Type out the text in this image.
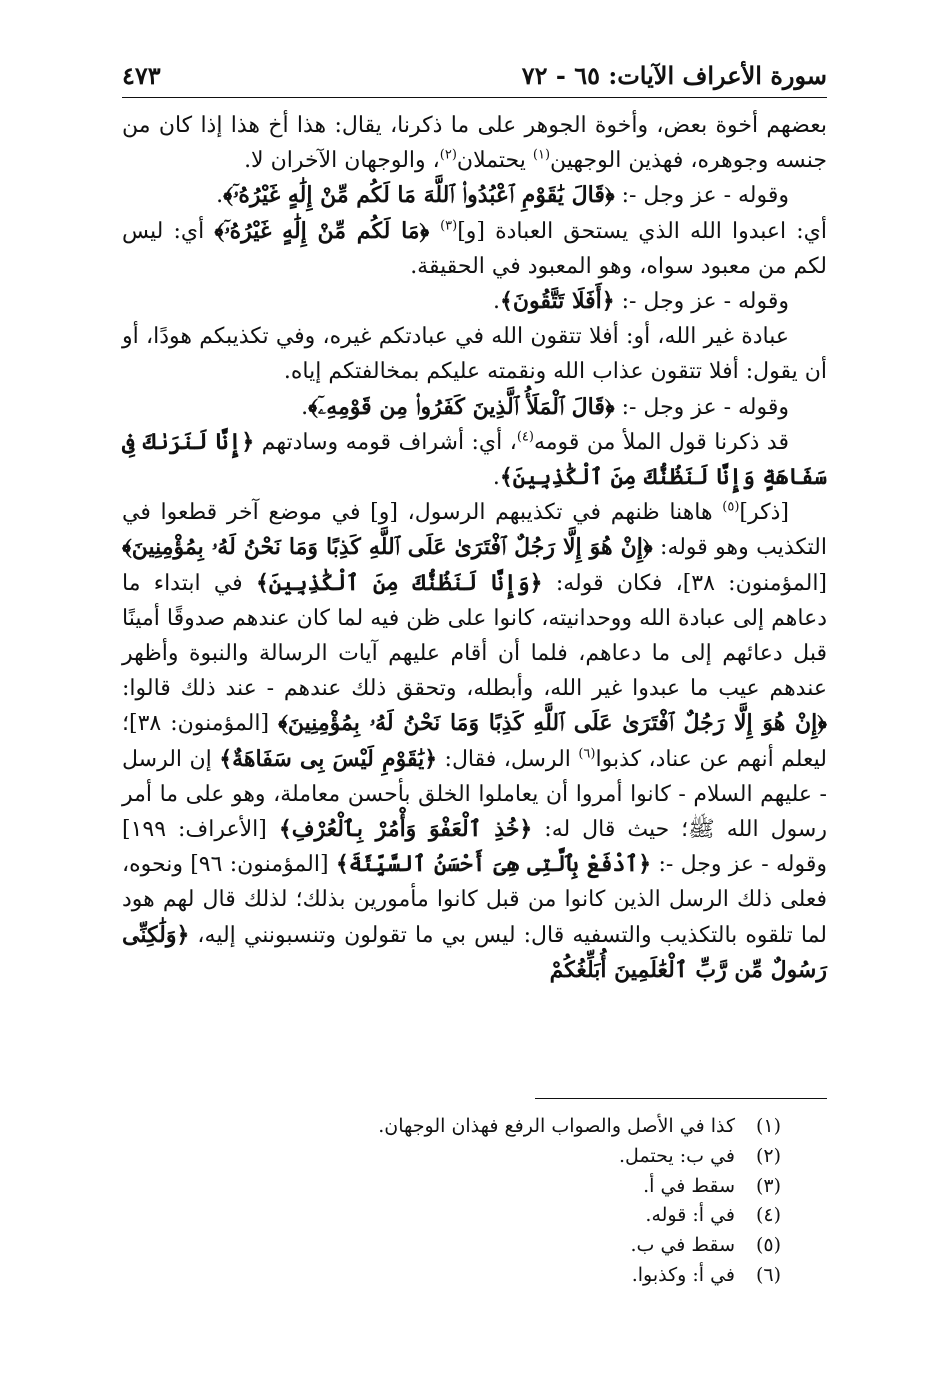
سورة الأعراف الآيات: ٦٥ - ٧٢
٤٧٣

بعضهم أخوة بعض، وأخوة الجوهر على ما ذكرنا، يقال: هذا أخ هذا إذا كان من جنسه وجوهره، فهذين الوجهين$^{(١)}$ يحتملان$^{(٢)}$، والوجهان الآخران لا.

وقوله - عز وجل -: ﴿قَالَ يَٰقَوْمِ ٱعْبُدُوا۟ ٱللَّهَ مَا لَكُم مِّنْ إِلَٰهٍ غَيْرُهُۥٓ﴾.

أي: اعبدوا الله الذي يستحق العبادة [و]$^{(٣)}$ ﴿مَا لَكُم مِّنْ إِلَٰهٍ غَيْرُهُۥٓ﴾ أي: ليس لكم من معبود سواه، وهو المعبود في الحقيقة.

وقوله - عز وجل -: ﴿أَفَلَا تَتَّقُونَ﴾.

عبادة غير الله، أو: أفلا تتقون الله في عبادتكم غيره، وفي تكذيبكم هودًا، أو أن يقول: أفلا تتقون عذاب الله ونقمته عليكم بمخالفتكم إياه.

وقوله - عز وجل -: ﴿قَالَ ٱلْمَلَأُ ٱلَّذِينَ كَفَرُوا۟ مِن قَوْمِهِۦٓ﴾.

قد ذكرنا قول الملأ من قومه$^{(٤)}$، أي: أشراف قومه وسادتهم ﴿إِنَّا لَنَرَىٰكَ فِى سَفَاهَةٍ وَإِنَّا لَنَظُنُّكَ مِنَ ٱلْكَٰذِبِينَ﴾.

[ذكر]$^{(٥)}$ هاهنا ظنهم في تكذيبهم الرسول، [و] في موضع آخر قطعوا في التكذيب وهو قوله: ﴿إِنْ هُوَ إِلَّا رَجُلٌ ٱفْتَرَىٰ عَلَى ٱللَّهِ كَذِبًا وَمَا نَحْنُ لَهُۥ بِمُؤْمِنِينَ﴾ [المؤمنون: ٣٨]، فكان قوله: ﴿وَإِنَّا لَنَظُنُّكَ مِنَ ٱلْكَٰذِبِينَ﴾ في ابتداء ما دعاهم إلى عبادة الله ووحدانيته، كانوا على ظن فيه لما كان عندهم صدوقًا أمينًا قبل دعائهم إلى ما دعاهم، فلما أن أقام عليهم آيات الرسالة والنبوة وأظهر عندهم عيب ما عبدوا غير الله، وأبطله، وتحقق ذلك عندهم - عند ذلك قالوا: ﴿إِنْ هُوَ إِلَّا رَجُلٌ ٱفْتَرَىٰ عَلَى ٱللَّهِ كَذِبًا وَمَا نَحْنُ لَهُۥ بِمُؤْمِنِينَ﴾ [المؤمنون: ٣٨]؛ ليعلم أنهم عن عناد، كذبوا$^{(٦)}$ الرسل، فقال: ﴿يَٰقَوْمِ لَيْسَ بِى سَفَاهَةٌ﴾ إن الرسل - عليهم السلام - كانوا أمروا أن يعاملوا الخلق بأحسن معاملة، وهو على ما أمر رسول الله ﷺ؛ حيث قال له: ﴿خُذِ ٱلْعَفْوَ وَأْمُرْ بِٱلْعُرْفِ﴾ [الأعراف: ١٩٩] وقوله - عز وجل -: ﴿ٱدْفَعْ بِٱلَّتِى هِىَ أَحْسَنُ ٱلسَّيِّئَةَ﴾ [المؤمنون: ٩٦] ونحوه، فعلى ذلك الرسل الذين كانوا من قبل كانوا مأمورين بذلك؛ لذلك قال لهم هود لما تلقوه بالتكذيب والتسفيه قال: ليس بي ما تقولون وتنسبونني إليه، ﴿وَلَٰكِنِّى رَسُولٌ مِّن رَّبِّ ٱلْعَٰلَمِينَ أُبَلِّغُكُمْ

(١)
كذا في الأصل والصواب الرفع فهذان الوجهان.
(٢)
في ب: يحتمل.
(٣)
سقط في أ.
(٤)
في أ: قوله.
(٥)
سقط في ب.
(٦)
في أ: وكذبوا.
